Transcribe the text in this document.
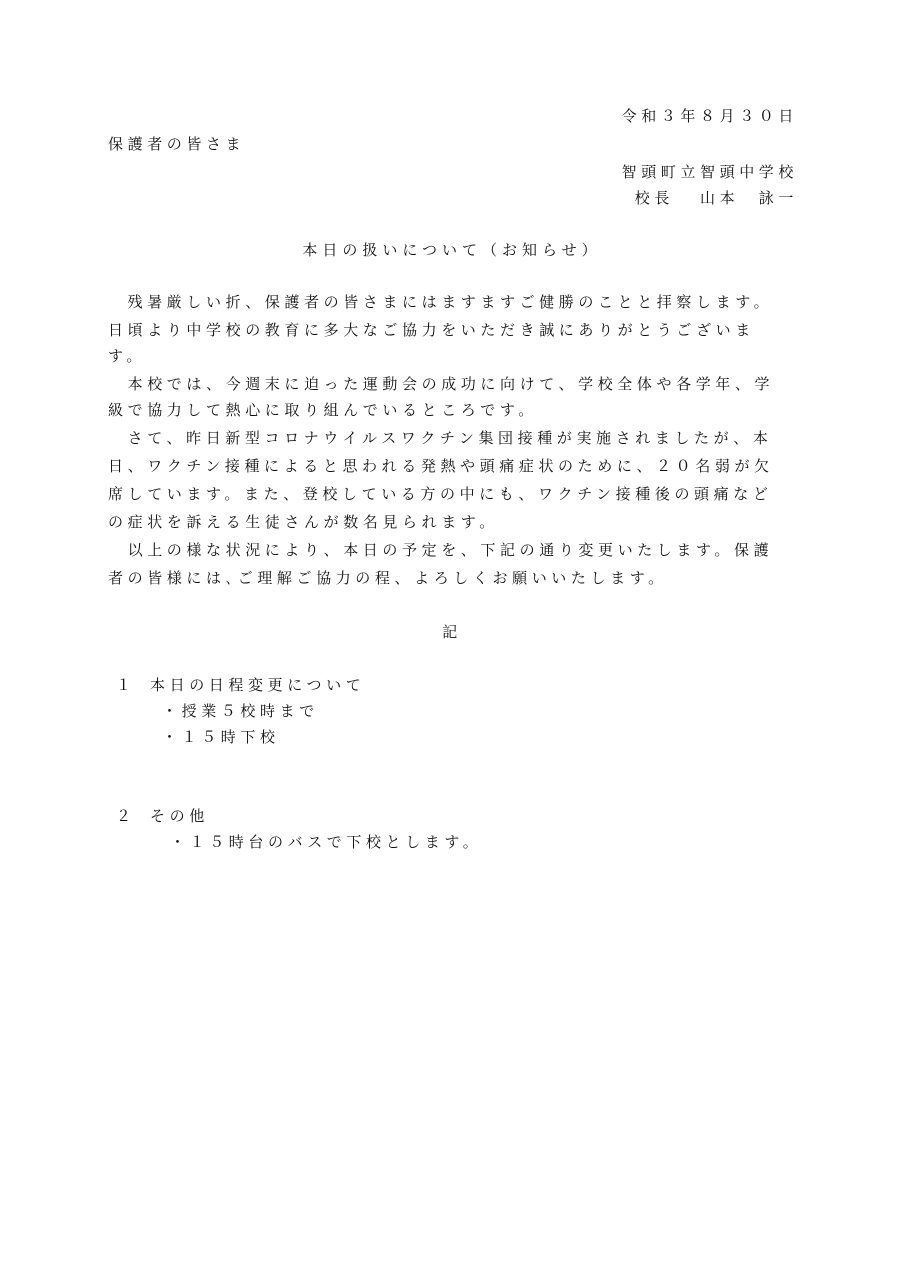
令和３年８月３０日
保護者の皆さま
智頭町立智頭中学校
校長 山本　詠一
本日の扱いについて（お知らせ）
　残暑厳しい折、保護者の皆さまにはますますご健勝のことと拝察します。
日頃より中学校の教育に多大なご協力をいただき誠にありがとうございま
す。
　本校では、今週末に迫った運動会の成功に向けて、学校全体や各学年、学
級で協力して熱心に取り組んでいるところです。
　さて、昨日新型コロナウイルスワクチン集団接種が実施されましたが、本
日、ワクチン接種によると思われる発熱や頭痛症状のために、２０名弱が欠
席しています。また、登校している方の中にも、ワクチン接種後の頭痛など
の症状を訴える生徒さんが数名見られます。
　以上の様な状況により、本日の予定を、下記の通り変更いたします。保護
者の皆様には､ご理解ご協力の程、よろしくお願いいたします。
記
１ 本日の日程変更について
・授業５校時まで
・１５時下校
２ その他
・１５時台のバスで下校とします。
